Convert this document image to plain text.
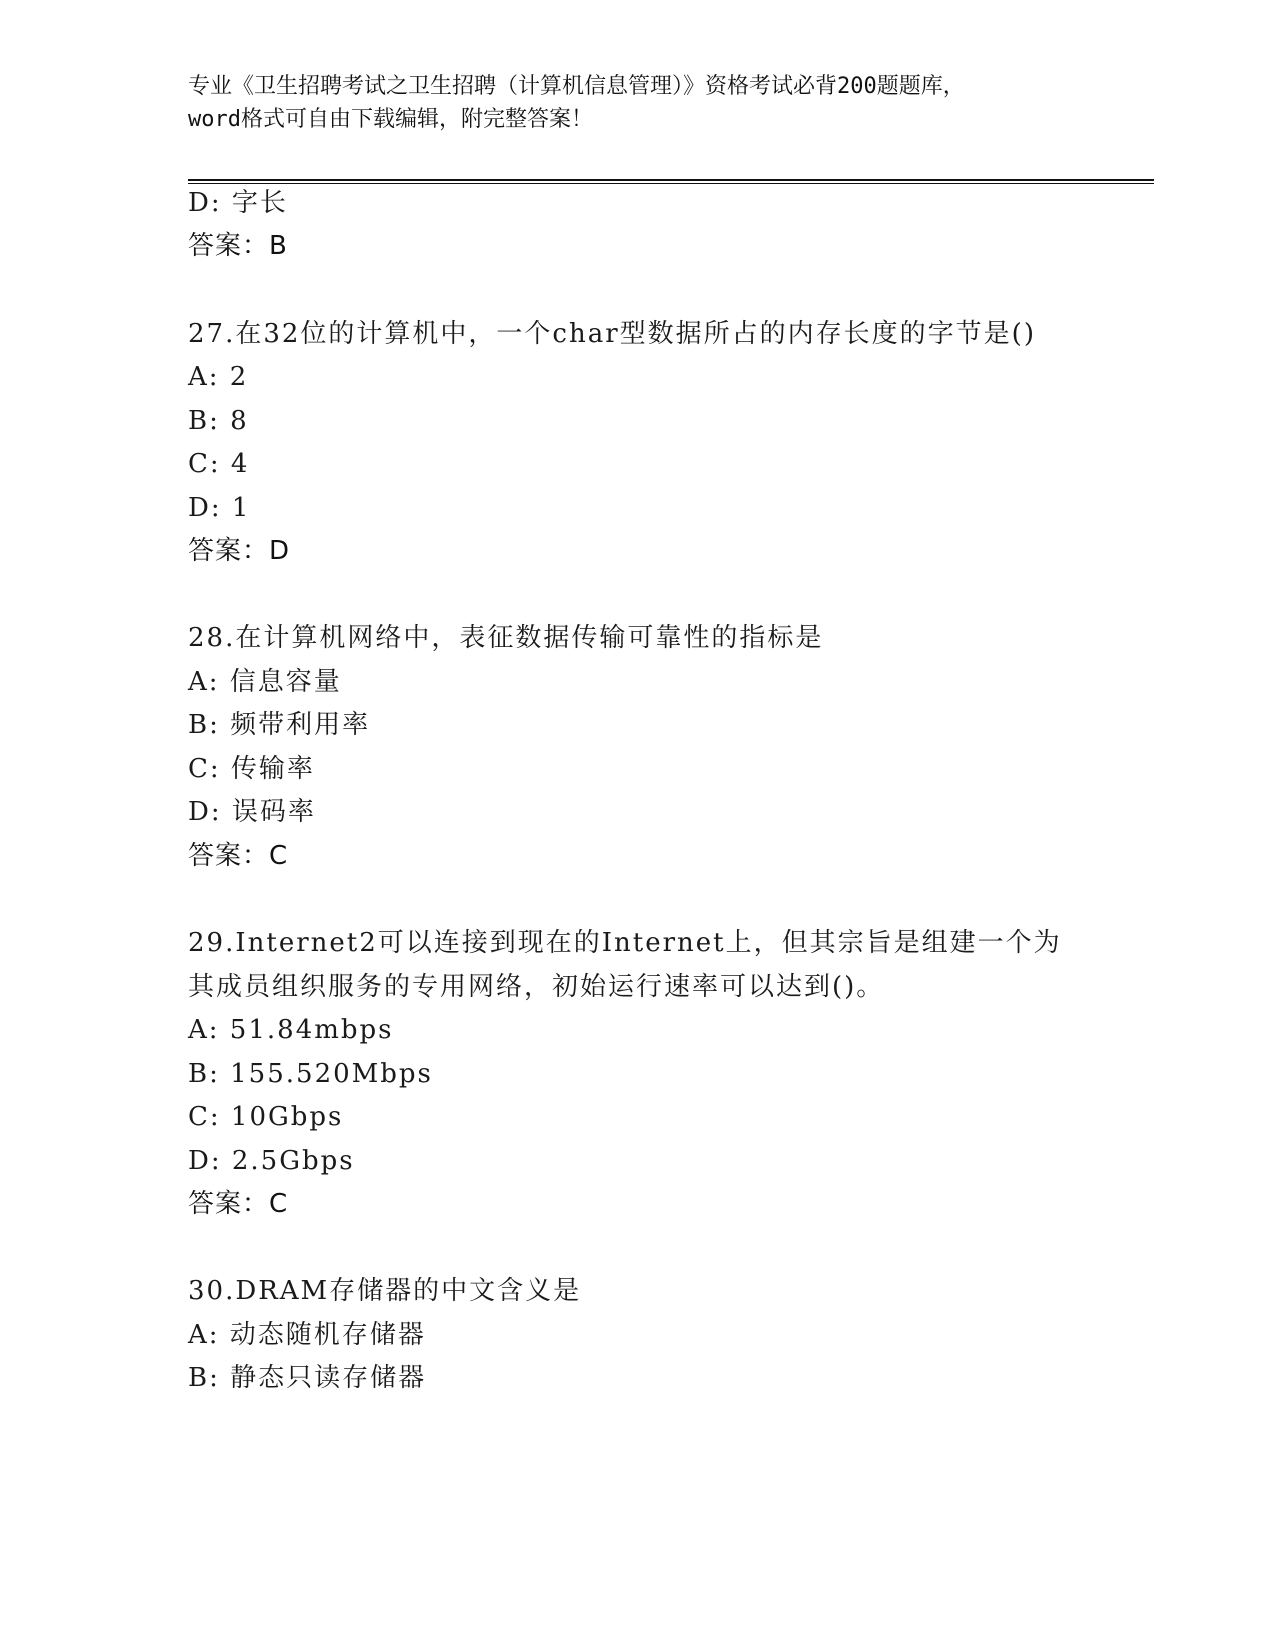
专业《卫生招聘考试之卫生招聘（计算机信息管理）》资格考试必背200题题库，
word格式可自由下载编辑，附完整答案！
D: 字长
答案：B
27.在32位的计算机中，一个char型数据所占的内存长度的字节是()
A: 2
B: 8
C: 4
D: 1
答案：D
28.在计算机网络中，表征数据传输可靠性的指标是
A: 信息容量
B: 频带利用率
C: 传输率
D: 误码率
答案：C
29.Internet2可以连接到现在的Internet上，但其宗旨是组建一个为
其成员组织服务的专用网络，初始运行速率可以达到()。
A: 51.84mbps
B: 155.520Mbps
C: 10Gbps
D: 2.5Gbps
答案：C
30.DRAM存储器的中文含义是
A: 动态随机存储器
B: 静态只读存储器
